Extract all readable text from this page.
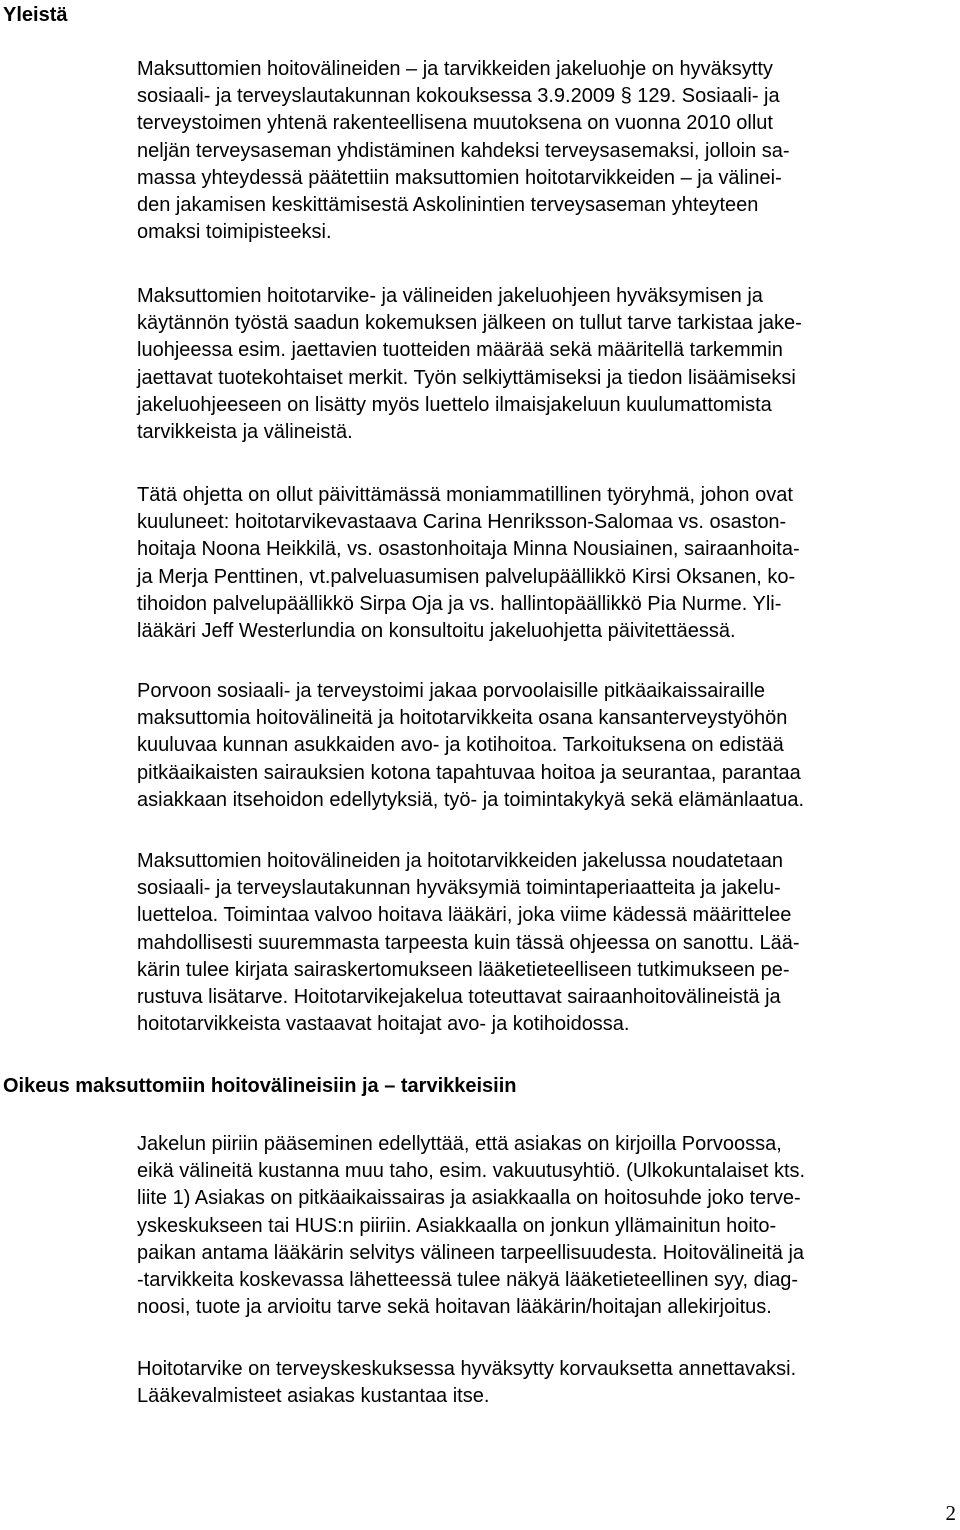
Yleistä

Maksuttomien hoitovälineiden – ja tarvikkeiden jakeluohje on hyväksytty
sosiaali- ja terveyslautakunnan kokouksessa 3.9.2009 § 129. Sosiaali- ja
terveystoimen yhtenä rakenteellisena muutoksena on vuonna 2010 ollut
neljän terveysaseman yhdistäminen kahdeksi terveysasemaksi, jolloin sa-
massa yhteydessä päätettiin maksuttomien hoitotarvikkeiden – ja välinei-
den jakamisen keskittämisestä Askolinintien terveysaseman yhteyteen
omaksi toimipisteeksi.

Maksuttomien hoitotarvike- ja välineiden jakeluohjeen hyväksymisen ja
käytännön työstä saadun kokemuksen jälkeen on tullut tarve tarkistaa jake-
luohjeessa esim. jaettavien tuotteiden määrää sekä määritellä tarkemmin
jaettavat tuotekohtaiset merkit. Työn selkiyttämiseksi ja tiedon lisäämiseksi
jakeluohjeeseen on lisätty myös luettelo ilmaisjakeluun kuulumattomista
tarvikkeista ja välineistä.

Tätä ohjetta on ollut päivittämässä moniammatillinen työryhmä, johon ovat
kuuluneet: hoitotarvikevastaava Carina Henriksson-Salomaa vs. osaston-
hoitaja Noona Heikkilä, vs. osastonhoitaja Minna Nousiainen, sairaanhoita-
ja Merja Penttinen, vt.palveluasumisen palvelupäällikkö Kirsi Oksanen, ko-
tihoidon palvelupäällikkö Sirpa Oja ja vs. hallintopäällikkö Pia Nurme. Yli-
lääkäri Jeff Westerlundia on konsultoitu jakeluohjetta päivitettäessä.

Porvoon sosiaali- ja terveystoimi jakaa porvoolaisille pitkäaikaissairaille
maksuttomia hoitovälineitä ja hoitotarvikkeita osana kansanterveystyöhön
kuuluvaa kunnan asukkaiden avo- ja kotihoitoa. Tarkoituksena on edistää
pitkäaikaisten sairauksien kotona tapahtuvaa hoitoa ja seurantaa, parantaa
asiakkaan itsehoidon edellytyksiä, työ- ja toimintakykyä sekä elämänlaatua.

Maksuttomien hoitovälineiden ja hoitotarvikkeiden jakelussa noudatetaan
sosiaali- ja terveyslautakunnan hyväksymiä toimintaperiaatteita ja jakelu-
luetteloa. Toimintaa valvoo hoitava lääkäri, joka viime kädessä määrittelee
mahdollisesti suuremmasta tarpeesta kuin tässä ohjeessa on sanottu. Lää-
kärin tulee kirjata sairaskertomukseen lääketieteelliseen tutkimukseen pe-
rustuva lisätarve. Hoitotarvikejakelua toteuttavat sairaanhoitovälineistä ja
hoitotarvikkeista vastaavat hoitajat avo- ja kotihoidossa.

Oikeus maksuttomiin hoitovälineisiin ja – tarvikkeisiin

Jakelun piiriin pääseminen edellyttää, että asiakas on kirjoilla Porvoossa,
eikä välineitä kustanna muu taho, esim. vakuutusyhtiö. (Ulkokuntalaiset kts.
liite 1) Asiakas on pitkäaikaissairas ja asiakkaalla on hoitosuhde joko terve-
yskeskukseen tai HUS:n piiriin. Asiakkaalla on jonkun yllämainitun hoito-
paikan antama lääkärin selvitys välineen tarpeellisuudesta. Hoitovälineitä ja
-tarvikkeita koskevassa lähetteessä tulee näkyä lääketieteellinen syy, diag-
noosi, tuote ja arvioitu tarve sekä hoitavan lääkärin/hoitajan allekirjoitus.

Hoitotarvike on terveyskeskuksessa hyväksytty korvauksetta annettavaksi.
Lääkevalmisteet asiakas kustantaa itse.

2
